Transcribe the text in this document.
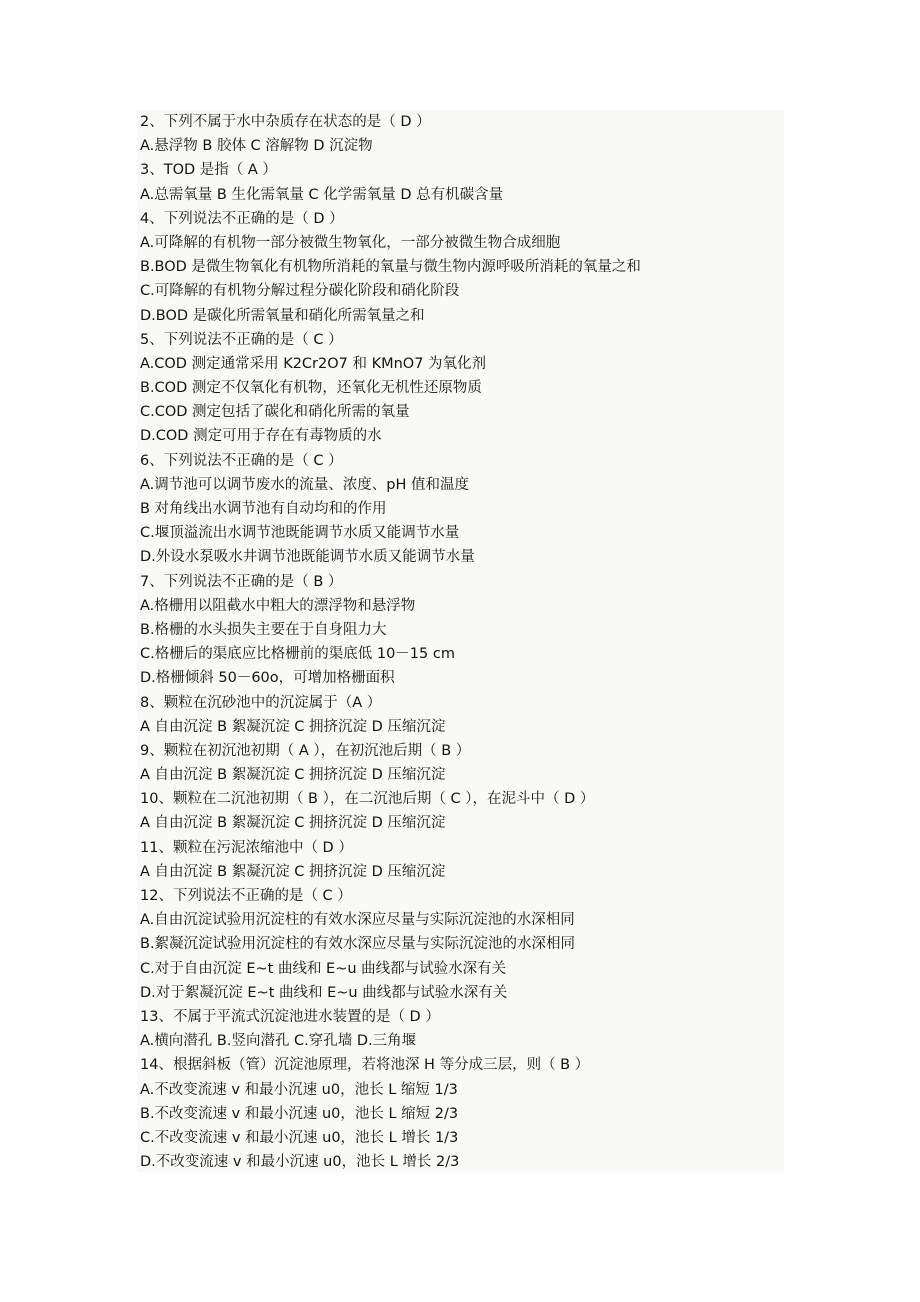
2、下列不属于水中杂质存在状态的是（ D ）
A.悬浮物 B 胶体 C 溶解物 D 沉淀物
3、TOD 是指（ A ）
A.总需氧量 B 生化需氧量 C 化学需氧量 D 总有机碳含量
4、下列说法不正确的是（ D ）
A.可降解的有机物一部分被微生物氧化，一部分被微生物合成细胞
B.BOD 是微生物氧化有机物所消耗的氧量与微生物内源呼吸所消耗的氧量之和
C.可降解的有机物分解过程分碳化阶段和硝化阶段
D.BOD 是碳化所需氧量和硝化所需氧量之和
5、下列说法不正确的是（ C ）
A.COD 测定通常采用 K2Cr2O7 和 KMnO7 为氧化剂
B.COD 测定不仅氧化有机物，还氧化无机性还原物质
C.COD 测定包括了碳化和硝化所需的氧量
D.COD 测定可用于存在有毒物质的水
6、下列说法不正确的是（ C ）
A.调节池可以调节废水的流量、浓度、pH 值和温度
B 对角线出水调节池有自动均和的作用
C.堰顶溢流出水调节池既能调节水质又能调节水量
D.外设水泵吸水井调节池既能调节水质又能调节水量
7、下列说法不正确的是（ B ）
A.格栅用以阻截水中粗大的漂浮物和悬浮物
B.格栅的水头损失主要在于自身阻力大
C.格栅后的渠底应比格栅前的渠底低 10－15 cm
D.格栅倾斜 50－60o，可增加格栅面积
8、颗粒在沉砂池中的沉淀属于（A ）
A 自由沉淀 B 絮凝沉淀 C 拥挤沉淀 D 压缩沉淀
9、颗粒在初沉池初期（ A ），在初沉池后期（ B ）
A 自由沉淀 B 絮凝沉淀 C 拥挤沉淀 D 压缩沉淀
10、颗粒在二沉池初期（ B ），在二沉池后期（ C ），在泥斗中（ D ）
A 自由沉淀 B 絮凝沉淀 C 拥挤沉淀 D 压缩沉淀
11、颗粒在污泥浓缩池中（ D ）
A 自由沉淀 B 絮凝沉淀 C 拥挤沉淀 D 压缩沉淀
12、下列说法不正确的是（ C ）
A.自由沉淀试验用沉淀柱的有效水深应尽量与实际沉淀池的水深相同
B.絮凝沉淀试验用沉淀柱的有效水深应尽量与实际沉淀池的水深相同
C.对于自由沉淀 E~t 曲线和 E~u 曲线都与试验水深有关
D.对于絮凝沉淀 E~t 曲线和 E~u 曲线都与试验水深有关
13、不属于平流式沉淀池进水装置的是（ D ）
A.横向潜孔 B.竖向潜孔 C.穿孔墙 D.三角堰
14、根据斜板（管）沉淀池原理，若将池深 H 等分成三层，则（ B ）
A.不改变流速 v 和最小沉速 u0，池长 L 缩短 1/3
B.不改变流速 v 和最小沉速 u0，池长 L 缩短 2/3
C.不改变流速 v 和最小沉速 u0，池长 L 增长 1/3
D.不改变流速 v 和最小沉速 u0，池长 L 增长 2/3
